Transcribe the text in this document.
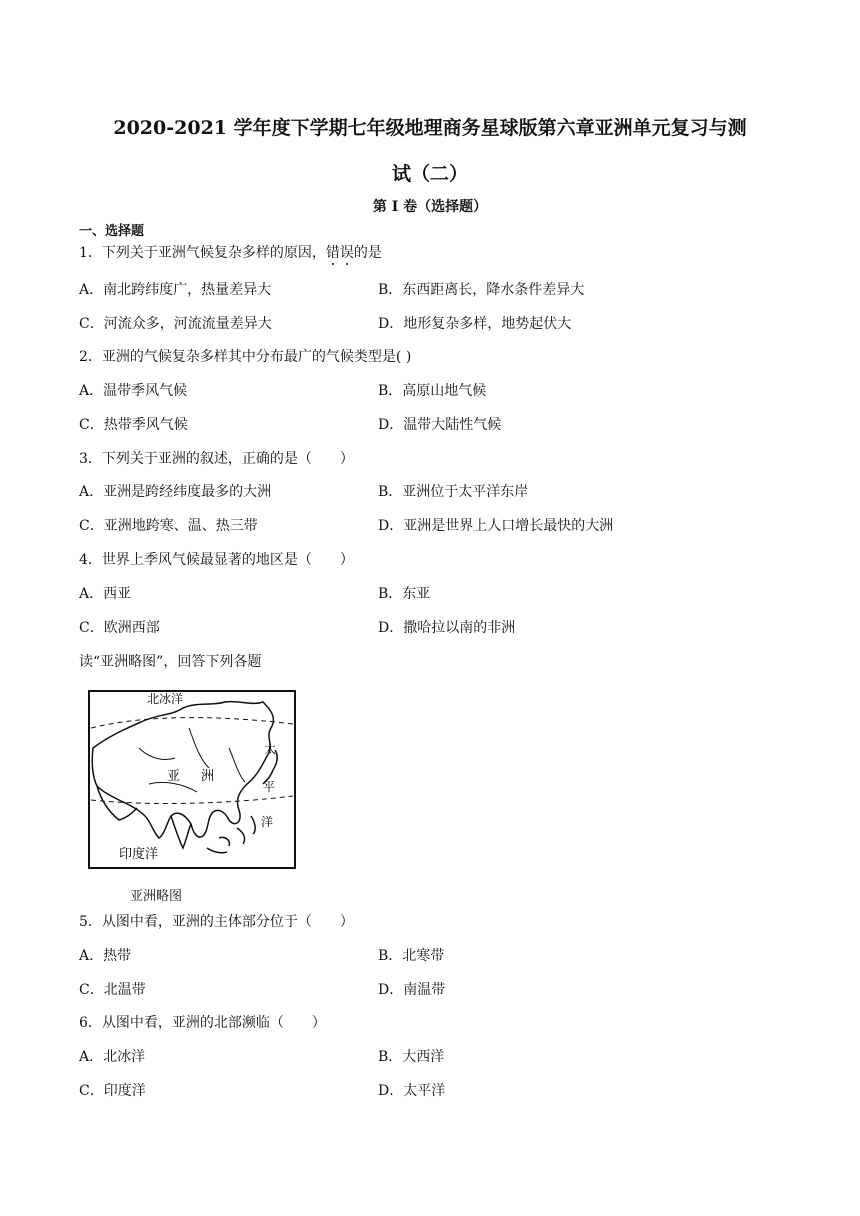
2020-2021 学年度下学期七年级地理商务星球版第六章亚洲单元复习与测
试（二）
第 I 卷（选择题）
一、选择题
1．下列关于亚洲气候复杂多样的原因，错误的是
A．南北跨纬度广，热量差异大	B．东西距离长，降水条件差异大
C．河流众多，河流流量差异大	D．地形复杂多样，地势起伏大
2．亚洲的气候复杂多样其中分布最广的气候类型是( )
A．温带季风气候	B．高原山地气候
C．热带季风气候	D．温带大陆性气候
3．下列关于亚洲的叙述，正确的是（　　）
A．亚洲是跨经纬度最多的大洲	B．亚洲位于太平洋东岸
C．亚洲地跨寒、温、热三带	D．亚洲是世界上人口增长最快的大洲
4．世界上季风气候最显著的地区是（　　）
A．西亚	B．东亚
C．欧洲西部	D．撒哈拉以南的非洲
读“亚洲略图”，回答下列各题
北冰洋
太
平
洋
亚 洲
印度洋
亚洲略图
5．从图中看，亚洲的主体部分位于（　　）
A．热带	B．北寒带
C．北温带	D．南温带
6．从图中看，亚洲的北部濒临（　　）
A．北冰洋	B．大西洋
C．印度洋	D．太平洋
